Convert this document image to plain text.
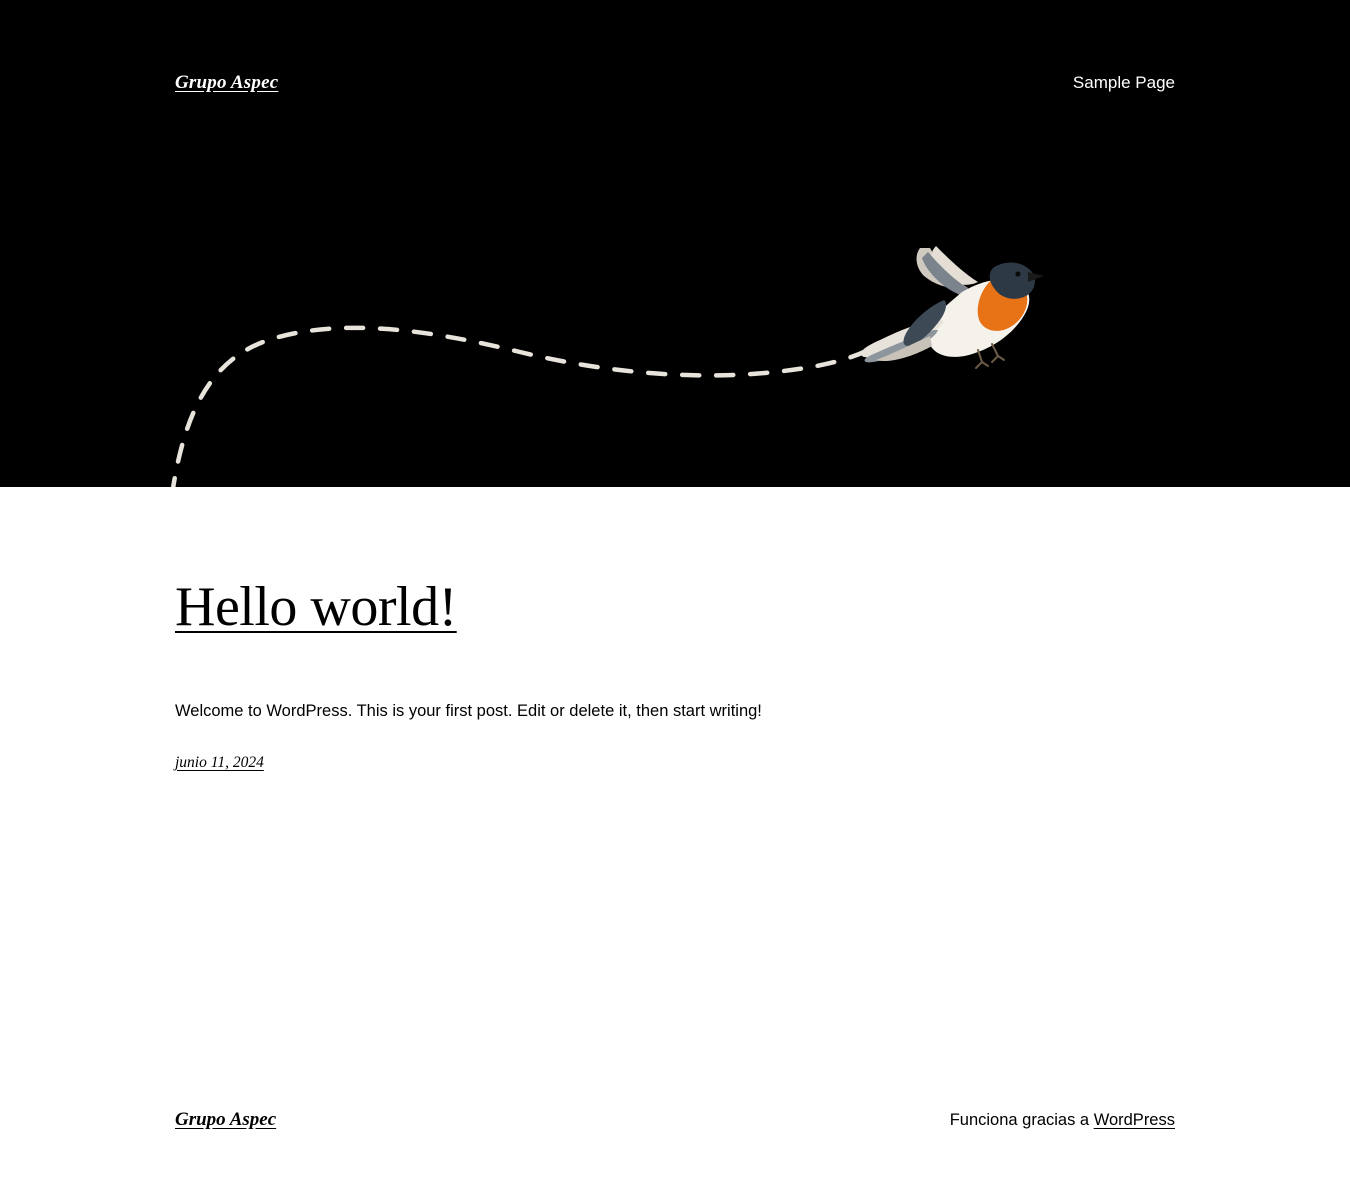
Grupo Aspec	Sample Page
Hello world!

Welcome to WordPress. This is your first post. Edit or delete it, then start writing!

junio 11, 2024
Grupo Aspec	Funciona gracias a WordPress
